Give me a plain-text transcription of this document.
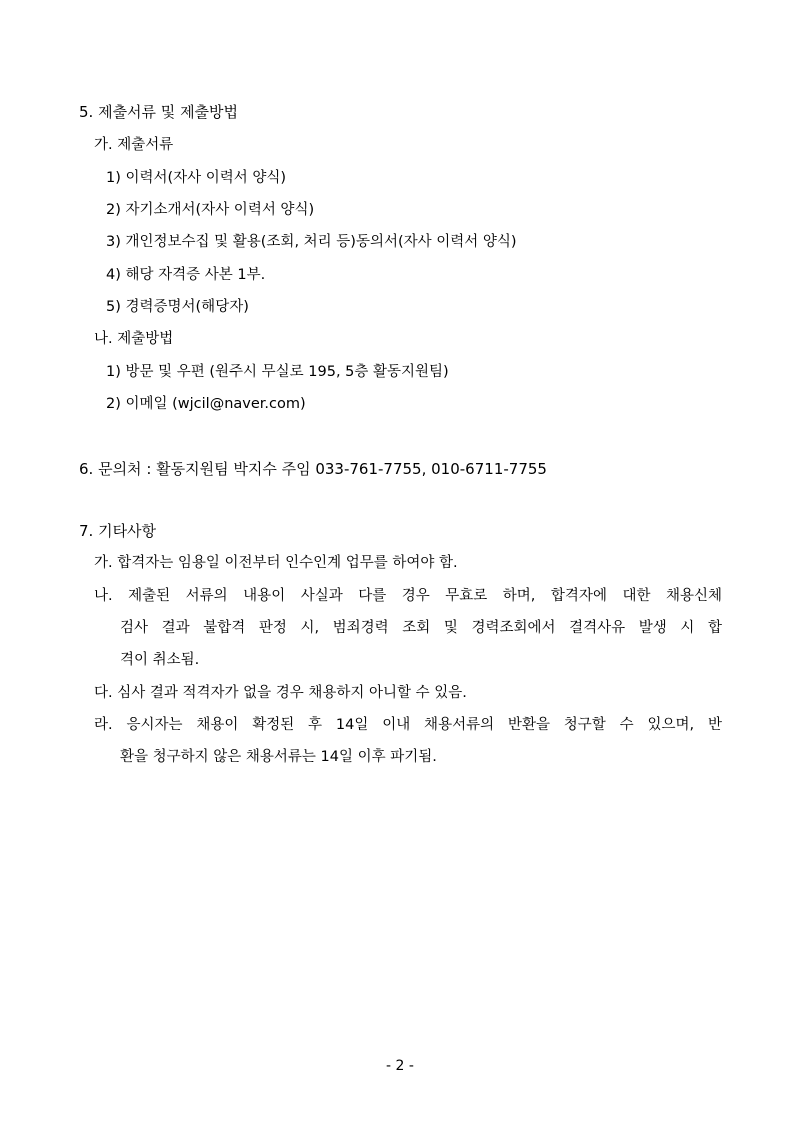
5. 제출서류 및 제출방법
가. 제출서류
1) 이력서(자사 이력서 양식)
2) 자기소개서(자사 이력서 양식)
3) 개인정보수집 및 활용(조회, 처리 등)동의서(자사 이력서 양식)
4) 해당 자격증 사본 1부.
5) 경력증명서(해당자)
나. 제출방법
1) 방문 및 우편 (원주시 무실로 195, 5층 활동지원팀)
2) 이메일 (wjcil@naver.com)
6. 문의처 : 활동지원팀 박지수 주임 033-761-7755, 010-6711-7755
7. 기타사항
가. 합격자는 임용일 이전부터 인수인계 업무를 하여야 함.
나. 제출된 서류의 내용이 사실과 다를 경우 무효로 하며, 합격자에 대한 채용신체
검사 결과 불합격 판정 시, 범죄경력 조회 및 경력조회에서 결격사유 발생 시 합
격이 취소됨.
다. 심사 결과 적격자가 없을 경우 채용하지 아니할 수 있음.
라. 응시자는 채용이 확정된 후 14일 이내 채용서류의 반환을 청구할 수 있으며, 반
환을 청구하지 않은 채용서류는 14일 이후 파기됨.
- 2 -
